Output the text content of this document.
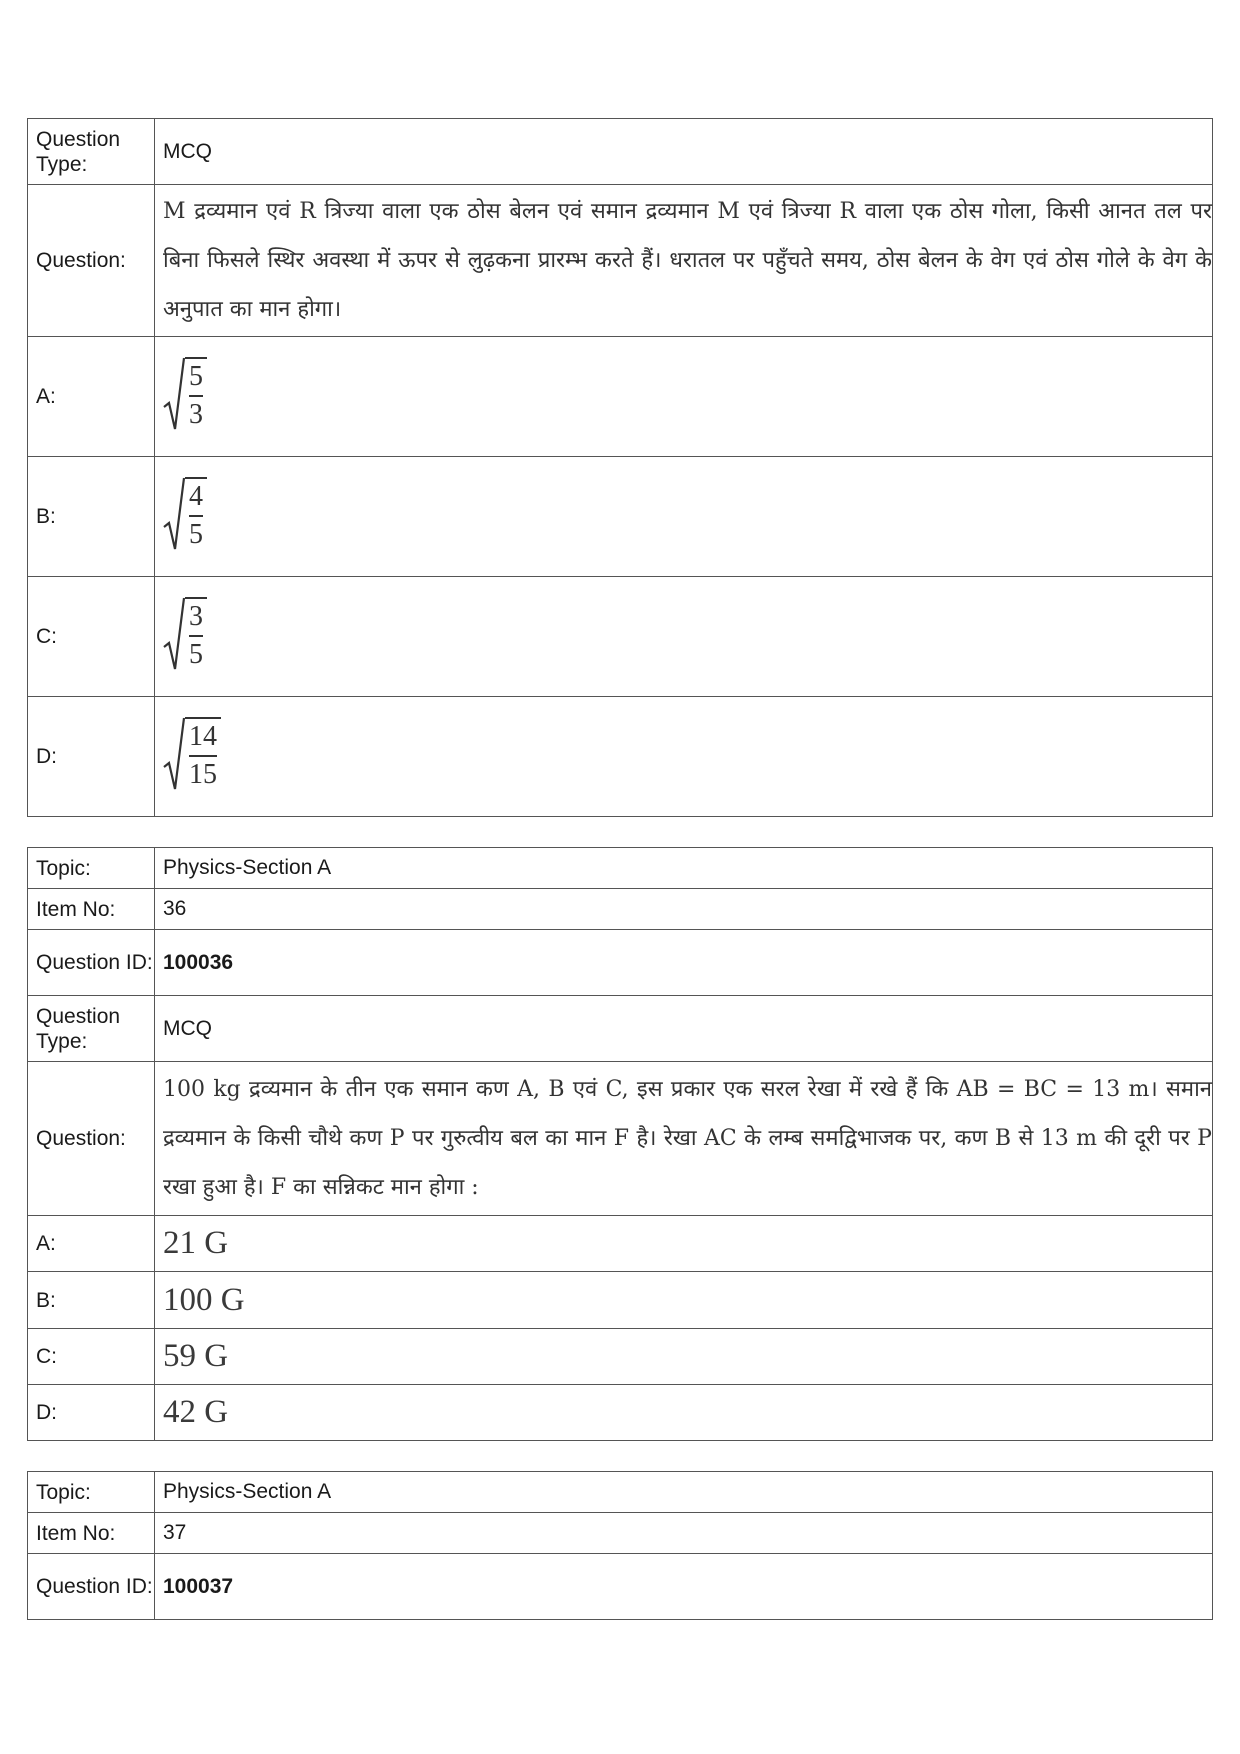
Question Type:	MCQ
Question:	M द्रव्यमान एवं R त्रिज्या वाला एक ठोस बेलन एवं समान द्रव्यमान M एवं त्रिज्या R वाला एक ठोस गोला, किसी आनत तल पर बिना फिसले स्थिर अवस्था में ऊपर से लुढ़कना प्रारम्भ करते हैं। धरातल पर पहुँचते समय, ठोस बेलन के वेग एवं ठोस गोले के वेग के अनुपात का मान होगा।
A:	5
3

B:	4
5

C:	3
5

D:	14
15
Topic:	Physics-Section A
Item No:	36
Question ID:	100036
Question Type:	MCQ
Question:	100 kg द्रव्यमान के तीन एक समान कण A, B एवं C, इस प्रकार एक सरल रेखा में रखे हैं कि AB = BC = 13 m। समान द्रव्यमान के किसी चौथे कण P पर गुरुत्वीय बल का मान F है। रेखा AC के लम्ब समद्विभाजक पर, कण B से 13 m की दूरी पर P रखा हुआ है। F का सन्निकट मान होगा :
A:	21 G
B:	100 G
C:	59 G
D:	42 G
Topic:	Physics-Section A
Item No:	37
Question ID:	100037
